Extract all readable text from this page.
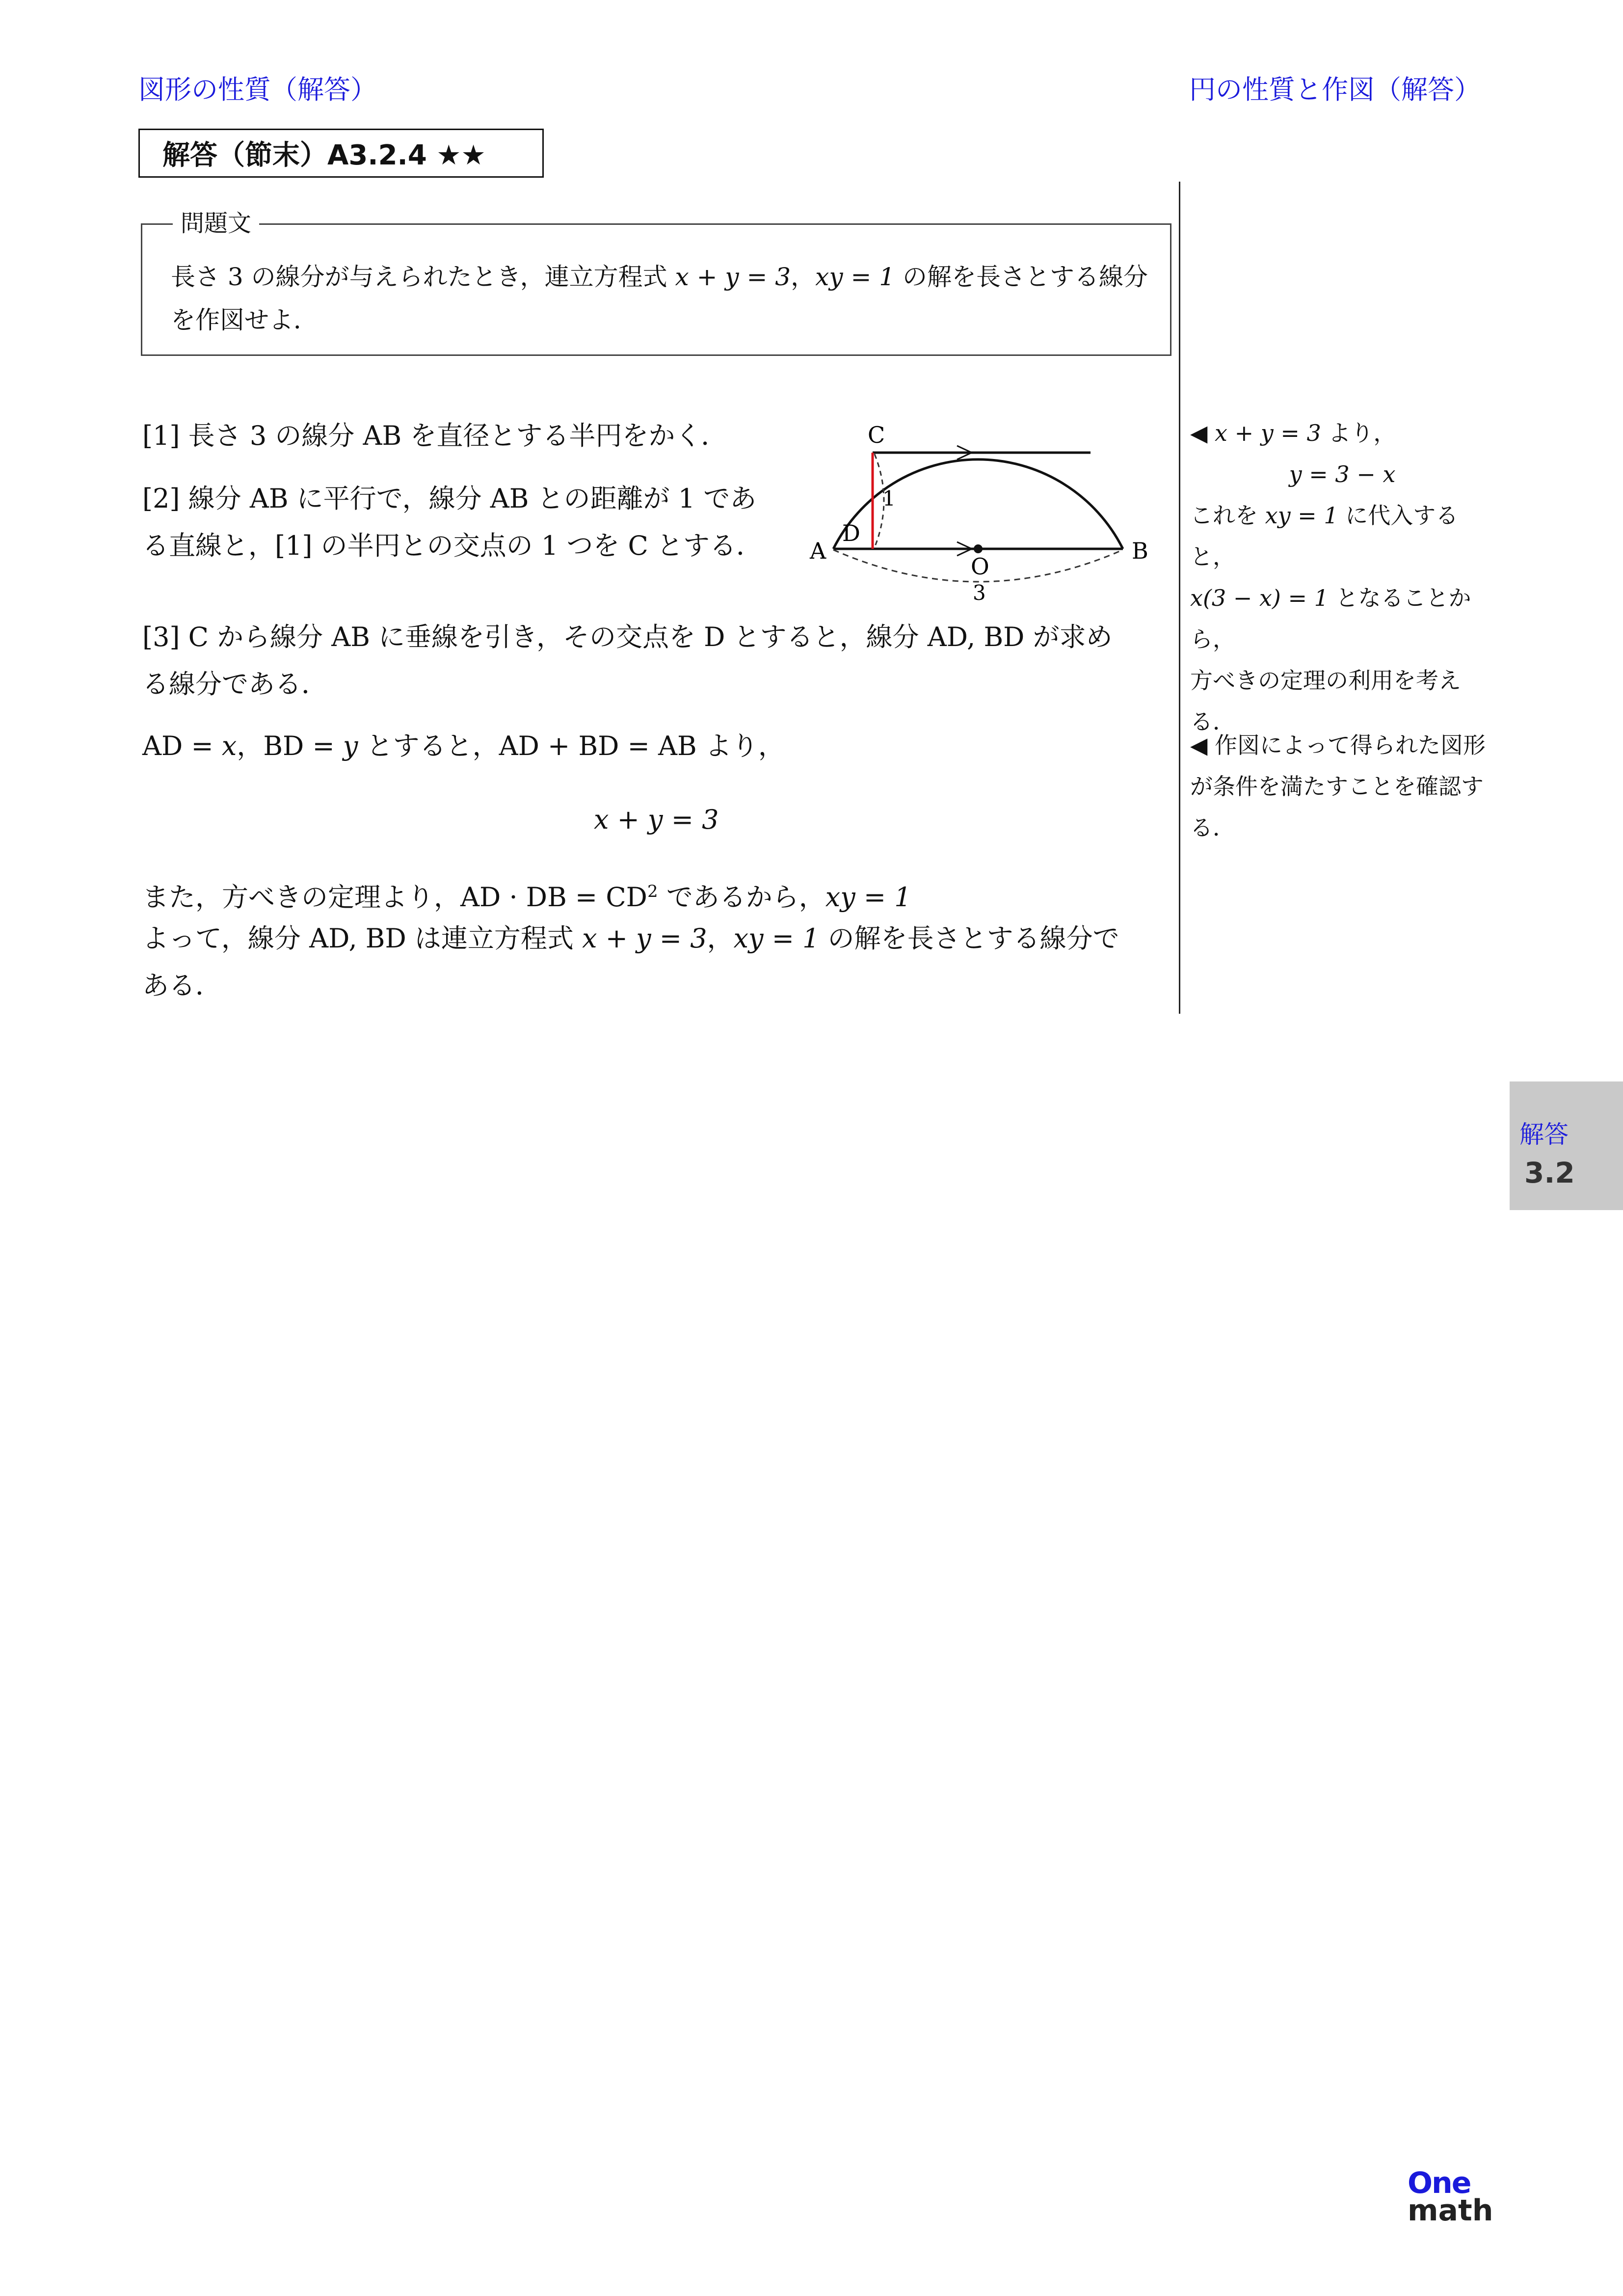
図形の性質（解答）	円の性質と作図（解答）
解答（節末）A3.2.4 ★★
問題文
長さ 3 の線分が与えられたとき，連立方程式 x + y = 3，xy = 1 の解を長さとする線分を作図せよ．
[1] 長さ 3 の線分 AB を直径とする半円をかく．
[2] 線分 AB に平行で，線分 AB との距離が 1 であ
る直線と，[1] の半円との交点の 1 つを C とする．
[3] C から線分 AB に垂線を引き，その交点を D とすると，線分 AD, BD が求め
る線分である．
AD = x，BD = y とすると，AD + BD = AB より，
x + y = 3
また，方べきの定理より，AD · DB = $CD^2$ であるから，xy = 1
よって，線分 AD, BD は連立方程式 x + y = 3，xy = 1 の解を長さとする線分で
ある．
C
D
A	B
O
1
3
◀ x + y = 3 より，
y = 3 − x
これを xy = 1 に代入すると，
x(3 − x) = 1 となることから，
方べきの定理の利用を考える．
◀ 作図によって得られた図形
が条件を満たすことを確認す
る．
解答
3.2
One
math
